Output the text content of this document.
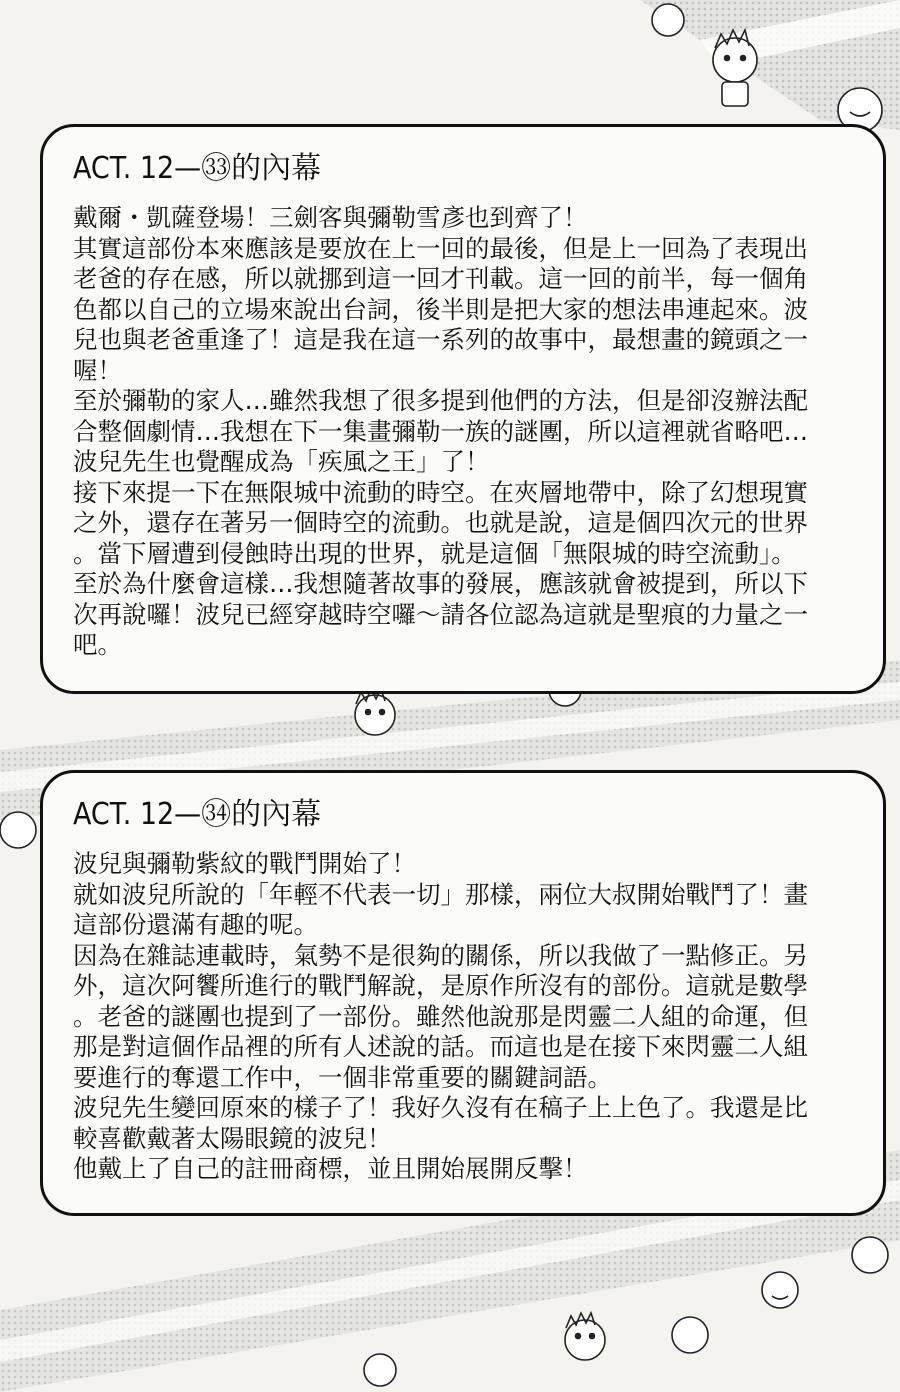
ACT. 12—㉝的內幕
戴爾・凱薩登場！三劍客與彌勒雪彥也到齊了！
其實這部份本來應該是要放在上一回的最後，但是上一回為了表現出
老爸的存在感，所以就挪到這一回才刊載。這一回的前半，每一個角
色都以自己的立場來說出台詞，後半則是把大家的想法串連起來。波
兒也與老爸重逢了！這是我在這一系列的故事中，最想畫的鏡頭之一
喔！
至於彌勒的家人…雖然我想了很多提到他們的方法，但是卻沒辦法配
合整個劇情…我想在下一集畫彌勒一族的謎團，所以這裡就省略吧…
波兒先生也覺醒成為「疾風之王」了！
接下來提一下在無限城中流動的時空。在夾層地帶中，除了幻想現實
之外，還存在著另一個時空的流動。也就是說，這是個四次元的世界
。當下層遭到侵蝕時出現的世界，就是這個「無限城的時空流動」。
至於為什麼會這樣…我想隨著故事的發展，應該就會被提到，所以下
次再說囉！波兒已經穿越時空囉～請各位認為這就是聖痕的力量之一
吧。
ACT. 12—㉞的內幕
波兒與彌勒紫紋的戰鬥開始了！
就如波兒所說的「年輕不代表一切」那樣，兩位大叔開始戰鬥了！畫
這部份還滿有趣的呢。
因為在雜誌連載時，氣勢不是很夠的關係，所以我做了一點修正。另
外，這次阿饗所進行的戰鬥解說，是原作所沒有的部份。這就是數學
。老爸的謎團也提到了一部份。雖然他說那是閃靈二人組的命運，但
那是對這個作品裡的所有人述說的話。而這也是在接下來閃靈二人組
要進行的奪還工作中，一個非常重要的關鍵詞語。
波兒先生變回原來的樣子了！我好久沒有在稿子上上色了。我還是比
較喜歡戴著太陽眼鏡的波兒！
他戴上了自己的註冊商標，並且開始展開反擊！
